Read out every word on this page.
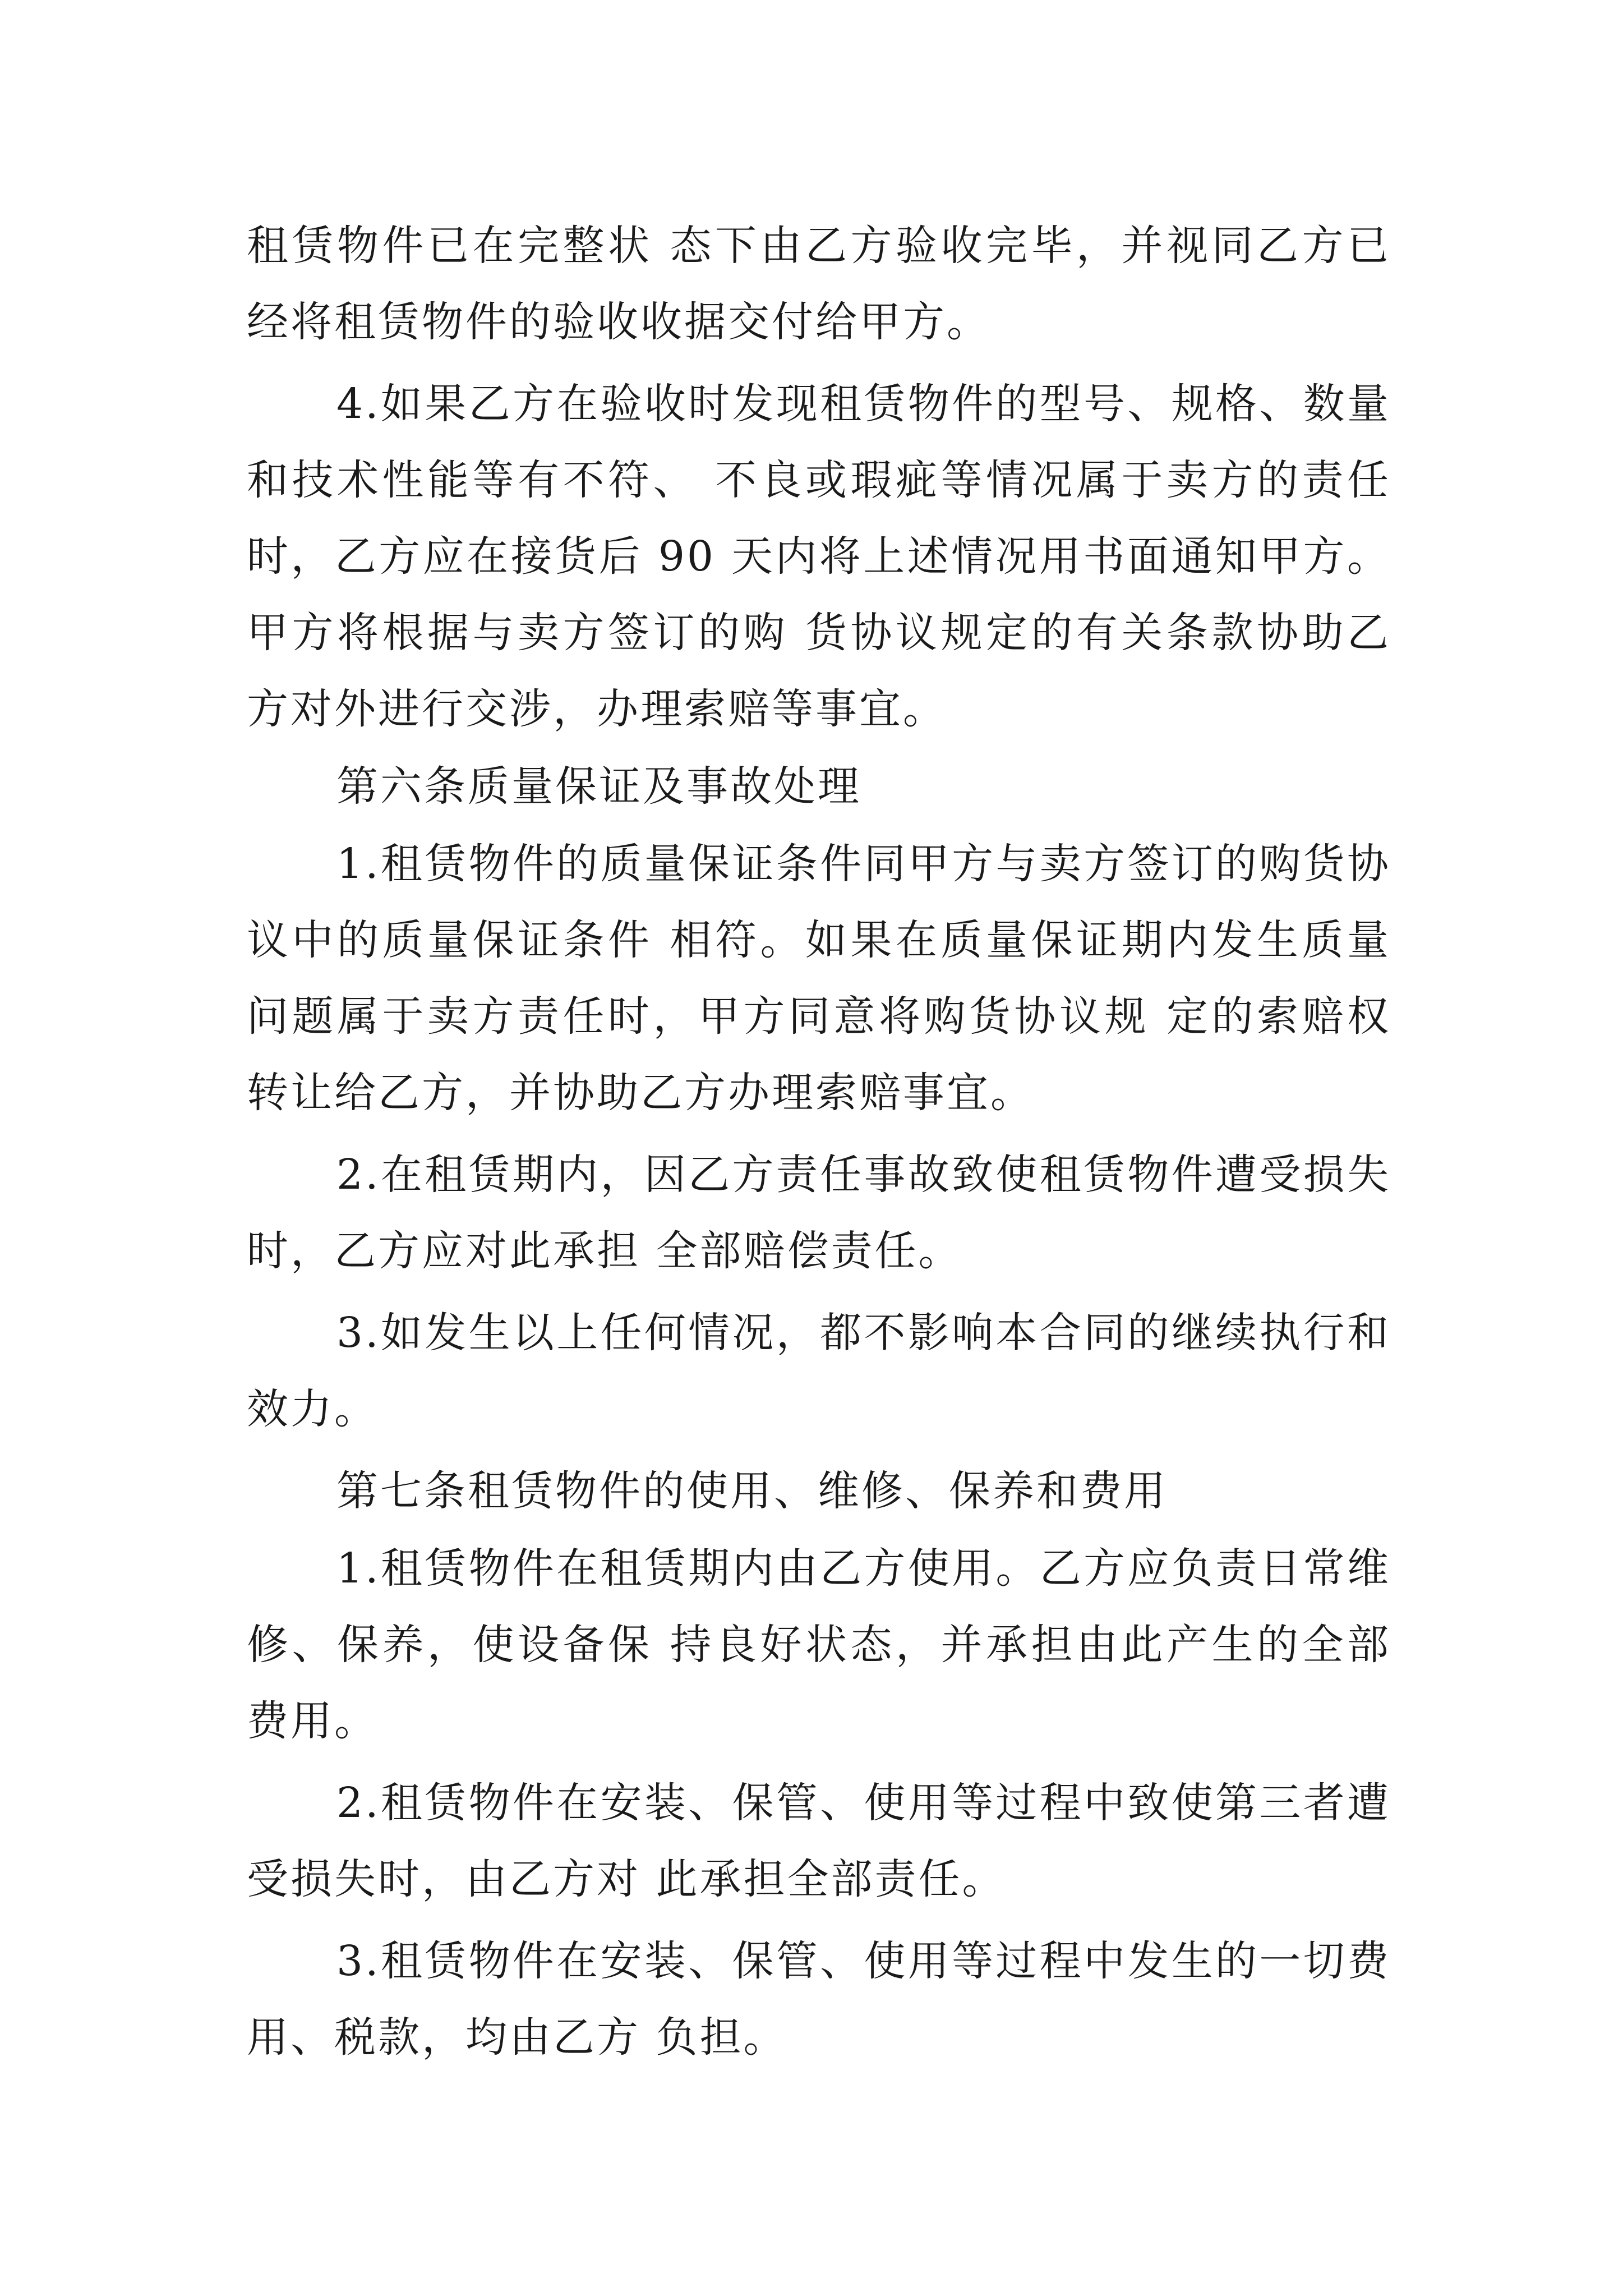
租赁物件已在完整状 态下由乙方验收完毕，并视同乙方已经将租赁物件的验收收据交付给甲方。

4.如果乙方在验收时发现租赁物件的型号、规格、数量和技术性能等有不符、 不良或瑕疵等情况属于卖方的责任时，乙方应在接货后 90 天内将上述情况用书面通知甲方。甲方将根据与卖方签订的购 货协议规定的有关条款协助乙方对外进行交涉，办理索赔等事宜。

第六条质量保证及事故处理

1.租赁物件的质量保证条件同甲方与卖方签订的购货协议中的质量保证条件 相符。如果在质量保证期内发生质量问题属于卖方责任时，甲方同意将购货协议规 定的索赔权转让给乙方，并协助乙方办理索赔事宜。

2.在租赁期内，因乙方责任事故致使租赁物件遭受损失时，乙方应对此承担 全部赔偿责任。

3.如发生以上任何情况，都不影响本合同的继续执行和效力。

第七条租赁物件的使用、维修、保养和费用

1.租赁物件在租赁期内由乙方使用。乙方应负责日常维修、保养，使设备保 持良好状态，并承担由此产生的全部费用。

2.租赁物件在安装、保管、使用等过程中致使第三者遭受损失时，由乙方对 此承担全部责任。

3.租赁物件在安装、保管、使用等过程中发生的一切费用、税款，均由乙方 负担。
